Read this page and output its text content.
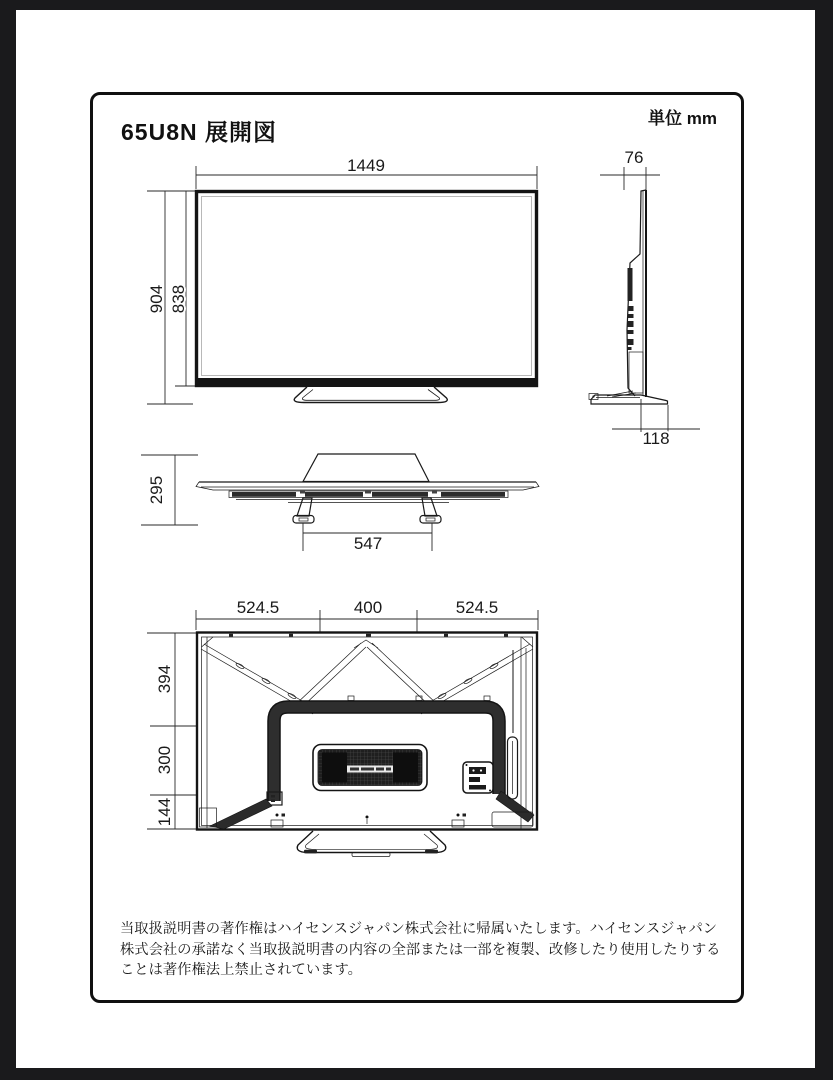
65U8N 展開図
単位 mm
1449
904 838
76
118
295
547
524.5	400	524.5
394
300
144

当取扱説明書の著作権はハイセンスジャパン株式会社に帰属いたします。ハイセンスジャパン株式会社の承諾なく当取扱説明書の内容の全部または一部を複製、改修したり使用したりすることは著作権法上禁止されています。
